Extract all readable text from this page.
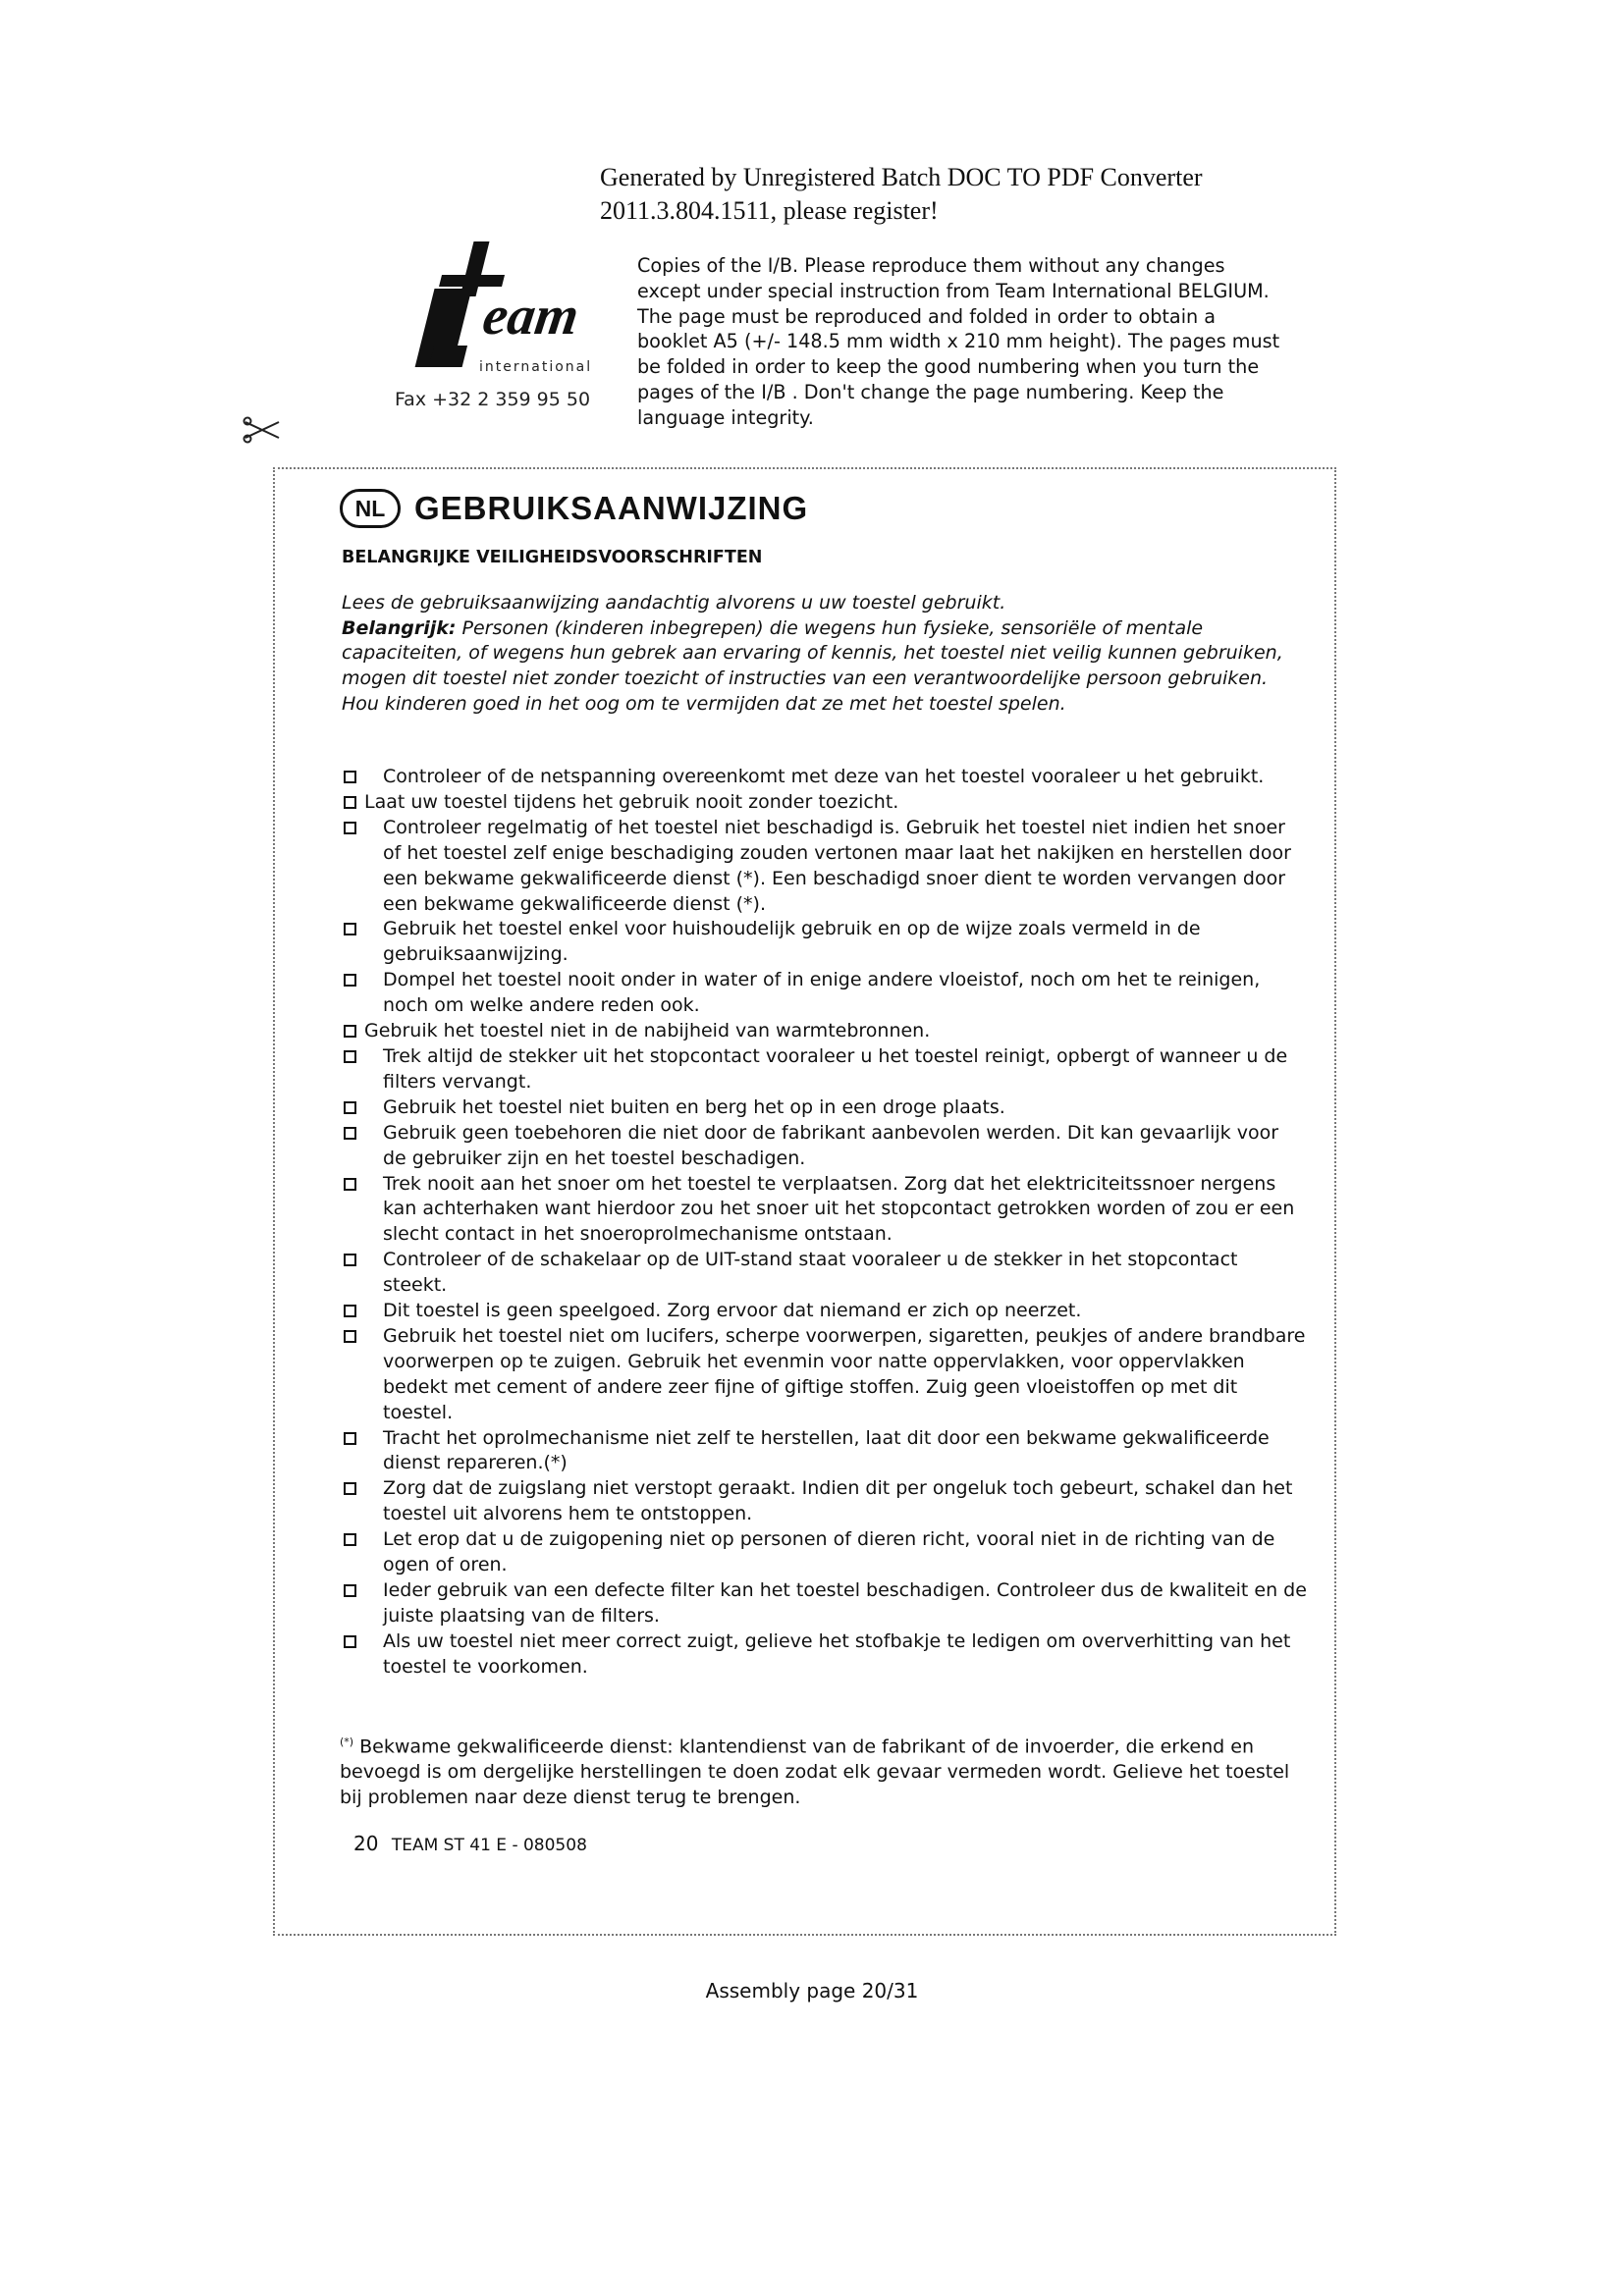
Generated by Unregistered Batch DOC TO PDF Converter
2011.3.804.1511, please register!
eam
international
Fax +32 2 359 95 50
Copies of the I/B. Please reproduce them without any changes except under special instruction from Team International BELGIUM. The page must be reproduced and folded in order to obtain a booklet A5 (+/- 148.5 mm width x 210 mm height). The pages must be folded in order to keep the good numbering when you turn the pages of the I/B . Don't change the page numbering. Keep the language integrity.
NL GEBRUIKSAANWIJZING
BELANGRIJKE VEILIGHEIDSVOORSCHRIFTEN

Lees de gebruiksaanwijzing aandachtig alvorens u uw toestel gebruikt.

Belangrijk: Personen (kinderen inbegrepen) die wegens hun fysieke, sensoriële of mentale capaciteiten, of wegens hun gebrek aan ervaring of kennis, het toestel niet veilig kunnen gebruiken, mogen dit toestel niet zonder toezicht of instructies van een verantwoordelijke persoon gebruiken. Hou kinderen goed in het oog om te vermijden dat ze met het toestel spelen.

Controleer of de netspanning overeenkomt met deze van het toestel vooraleer u het gebruikt.
Laat uw toestel tijdens het gebruik nooit zonder toezicht.
Controleer regelmatig of het toestel niet beschadigd is. Gebruik het toestel niet indien het snoer of het toestel zelf enige beschadiging zouden vertonen maar laat het nakijken en herstellen door een bekwame gekwalificeerde dienst (*). Een beschadigd snoer dient te worden vervangen door een bekwame gekwalificeerde dienst (*).
Gebruik het toestel enkel voor huishoudelijk gebruik en op de wijze zoals vermeld in de gebruiksaanwijzing.
Dompel het toestel nooit onder in water of in enige andere vloeistof, noch om het te reinigen, noch om welke andere reden ook.
Gebruik het toestel niet in de nabijheid van warmtebronnen.
Trek altijd de stekker uit het stopcontact vooraleer u het toestel reinigt, opbergt of wanneer u de filters vervangt.
Gebruik het toestel niet buiten en berg het op in een droge plaats.
Gebruik geen toebehoren die niet door de fabrikant aanbevolen werden. Dit kan gevaarlijk voor de gebruiker zijn en het toestel beschadigen.
Trek nooit aan het snoer om het toestel te verplaatsen. Zorg dat het elektriciteitssnoer nergens kan achterhaken want hierdoor zou het snoer uit het stopcontact getrokken worden of zou er een slecht contact in het snoeroprolmechanisme ontstaan.
Controleer of de schakelaar op de UIT-stand staat vooraleer u de stekker in het stopcontact steekt.
Dit toestel is geen speelgoed. Zorg ervoor dat niemand er zich op neerzet.
Gebruik het toestel niet om lucifers, scherpe voorwerpen, sigaretten, peukjes of andere brandbare voorwerpen op te zuigen. Gebruik het evenmin voor natte oppervlakken, voor oppervlakken bedekt met cement of andere zeer fijne of giftige stoffen. Zuig geen vloeistoffen op met dit toestel.
Tracht het oprolmechanisme niet zelf te herstellen, laat dit door een bekwame gekwalificeerde dienst repareren.(*)
Zorg dat de zuigslang niet verstopt geraakt. Indien dit per ongeluk toch gebeurt, schakel dan het toestel uit alvorens hem te ontstoppen.
Let erop dat u de zuigopening niet op personen of dieren richt, vooral niet in de richting van de ogen of oren.
Ieder gebruik van een defecte filter kan het toestel beschadigen. Controleer dus de kwaliteit en de juiste plaatsing van de filters.
Als uw toestel niet meer correct zuigt, gelieve het stofbakje te ledigen om oververhitting van het toestel te voorkomen.
(*) Bekwame gekwalificeerde dienst: klantendienst van de fabrikant of de invoerder, die erkend en bevoegd is om dergelijke herstellingen te doen zodat elk gevaar vermeden wordt. Gelieve het toestel bij problemen naar deze dienst terug te brengen.
20 TEAM ST 41 E - 080508
Assembly page 20/31
